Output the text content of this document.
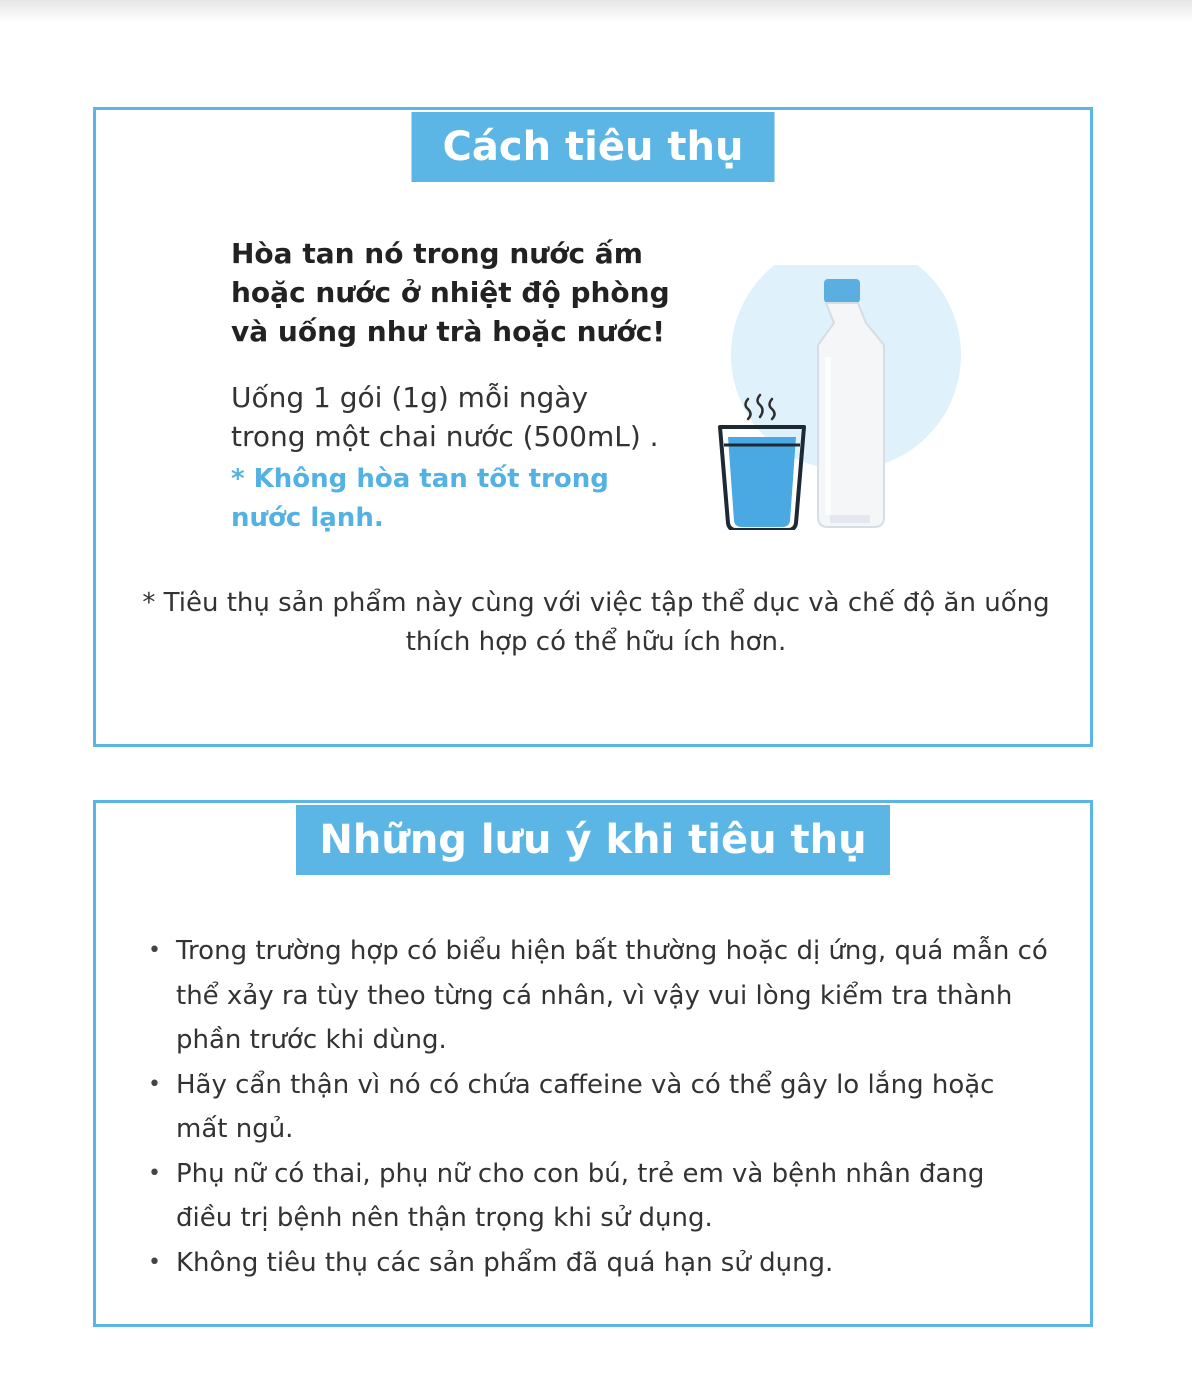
Cách tiêu thụ

Hòa tan nó trong nước ấm hoặc nước ở nhiệt độ phòng và uống như trà hoặc nước!

Uống 1 gói (1g) mỗi ngày
trong một chai nước (500mL) .

* Không hòa tan tốt trong nước lạnh.

* Tiêu thụ sản phẩm này cùng với việc tập thể dục và chế độ ăn uống thích hợp có thể hữu ích hơn.

Những lưu ý khi tiêu thụ
• Trong trường hợp có biểu hiện bất thường hoặc dị ứng, quá mẫn có thể xảy ra tùy theo từng cá nhân, vì vậy vui lòng kiểm tra thành phần trước khi dùng.
• Hãy cẩn thận vì nó có chứa caffeine và có thể gây lo lắng hoặc mất ngủ.
• Phụ nữ có thai, phụ nữ cho con bú, trẻ em và bệnh nhân đang điều trị bệnh nên thận trọng khi sử dụng.
• Không tiêu thụ các sản phẩm đã quá hạn sử dụng.
